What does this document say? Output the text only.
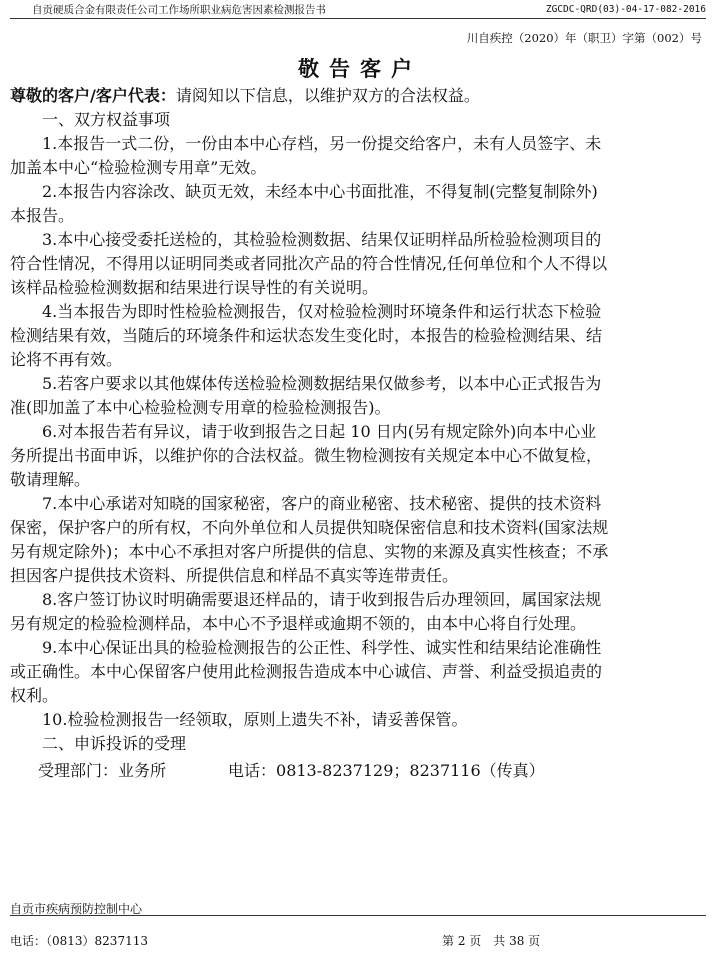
自贡硬质合金有限责任公司工作场所职业病危害因素检测报告书	ZGCDC-QRD(03)-04-17-082-2016
川自疾控（2020）年（职卫）字第（002）号
敬告客户

尊敬的客户/客户代表：请阅知以下信息，以维护双方的合法权益。

一、双方权益事项

1.本报告一式二份，一份由本中心存档，另一份提交给客户，未有人员签字、未加盖本中心“检验检测专用章”无效。

2.本报告内容涂改、缺页无效，未经本中心书面批准，不得复制(完整复制除外)本报告。

3.本中心接受委托送检的，其检验检测数据、结果仅证明样品所检验检测项目的符合性情况，不得用以证明同类或者同批次产品的符合性情况,任何单位和个人不得以该样品检验检测数据和结果进行误导性的有关说明。

4.当本报告为即时性检验检测报告，仅对检验检测时环境条件和运行状态下检验检测结果有效，当随后的环境条件和运状态发生变化时，本报告的检验检测结果、结论将不再有效。

5.若客户要求以其他媒体传送检验检测数据结果仅做参考，以本中心正式报告为准(即加盖了本中心检验检测专用章的检验检测报告)。

6.对本报告若有异议，请于收到报告之日起 10 日内(另有规定除外)向本中心业务所提出书面申诉，以维护你的合法权益。微生物检测按有关规定本中心不做复检，敬请理解。

7.本中心承诺对知晓的国家秘密，客户的商业秘密、技术秘密、提供的技术资料保密，保护客户的所有权，不向外单位和人员提供知晓保密信息和技术资料(国家法规另有规定除外)；本中心不承担对客户所提供的信息、实物的来源及真实性核查；不承担因客户提供技术资料、所提供信息和样品不真实等连带责任。

8.客户签订协议时明确需要退还样品的，请于收到报告后办理领回，属国家法规另有规定的检验检测样品，本中心不予退样或逾期不领的，由本中心将自行处理。

9.本中心保证出具的检验检测报告的公正性、科学性、诚实性和结果结论准确性或正确性。本中心保留客户使用此检测报告造成本中心诚信、声誉、利益受损追责的权利。

10.检验检测报告一经领取，原则上遗失不补，请妥善保管。

二、申诉投诉的受理

受理部门：业务所	电话：0813-8237129；8237116（传真）

自贡市疾病预防控制中心
电话：（0813）8237113	第 2 页　共 38 页
